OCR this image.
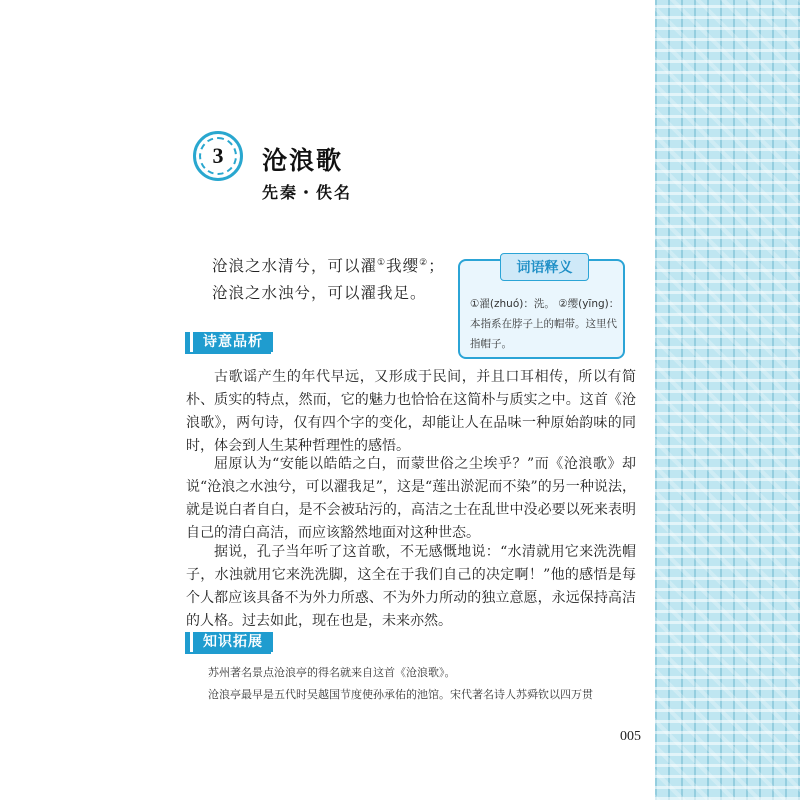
3 沧浪歌
先秦・佚名
沧浪之水清兮，可以濯①我缨②；
沧浪之水浊兮，可以濯我足。
词语释义
①濯(zhuó)：洗。 ②缨(yīng)：本指系在脖子上的帽带。这里代指帽子。
诗意品析

古歌谣产生的年代早远，又形成于民间，并且口耳相传，所以有简朴、质实的特点，然而，它的魅力也恰恰在这简朴与质实之中。这首《沧浪歌》，两句诗，仅有四个字的变化，却能让人在品味一种原始韵味的同时，体会到人生某种哲理性的感悟。

屈原认为“安能以皓皓之白，而蒙世俗之尘埃乎？”而《沧浪歌》却说“沧浪之水浊兮，可以濯我足”，这是“莲出淤泥而不染”的另一种说法，就是说白者自白，是不会被玷污的，高洁之士在乱世中没必要以死来表明自己的清白高洁，而应该豁然地面对这种世态。

据说，孔子当年听了这首歌，不无感慨地说：“水清就用它来洗洗帽子，水浊就用它来洗洗脚，这全在于我们自己的决定啊！”他的感悟是每个人都应该具备不为外力所惑、不为外力所动的独立意愿，永远保持高洁的人格。过去如此，现在也是，未来亦然。

知识拓展

苏州著名景点沧浪亭的得名就来自这首《沧浪歌》。

沧浪亭最早是五代时吴越国节度使孙承佑的池馆。宋代著名诗人苏舜钦以四万贯

005
